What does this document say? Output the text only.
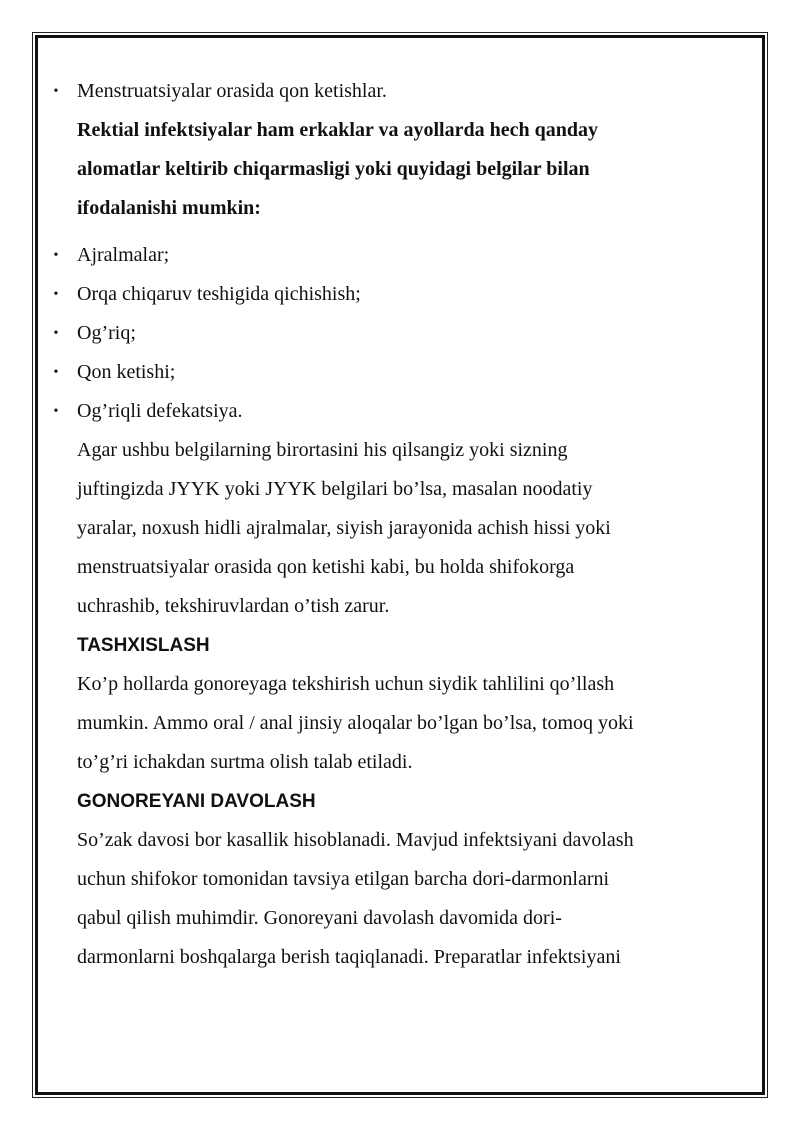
• Menstruatsiyalar orasida qon ketishlar.
Rektial infektsiyalar ham erkaklar va ayollarda hech qanday
alomatlar keltirib chiqarmasligi yoki quyidagi belgilar bilan
ifodalanishi mumkin:
• Ajralmalar;
• Orqa chiqaruv teshigida qichishish;
• Og’riq;
• Qon ketishi;
• Og’riqli defekatsiya.
Agar ushbu belgilarning birortasini his qilsangiz yoki sizning
juftingizda JYYK yoki JYYK belgilari bo’lsa, masalan noodatiy
yaralar, noxush hidli ajralmalar, siyish jarayonida achish hissi yoki
menstruatsiyalar orasida qon ketishi kabi, bu holda shifokorga
uchrashib, tekshiruvlardan o’tish zarur.
TASHXISLASH
Ko’p hollarda gonoreyaga tekshirish uchun siydik tahlilini qo’llash
mumkin. Ammo oral / anal jinsiy aloqalar bo’lgan bo’lsa, tomoq yoki
to’g’ri ichakdan surtma olish talab etiladi.
GONOREYANI DAVOLASH
So’zak davosi bor kasallik hisoblanadi. Mavjud infektsiyani davolash
uchun shifokor tomonidan tavsiya etilgan barcha dori-darmonlarni
qabul qilish muhimdir. Gonoreyani davolash davomida dori-
darmonlarni boshqalarga berish taqiqlanadi. Preparatlar infektsiyani
